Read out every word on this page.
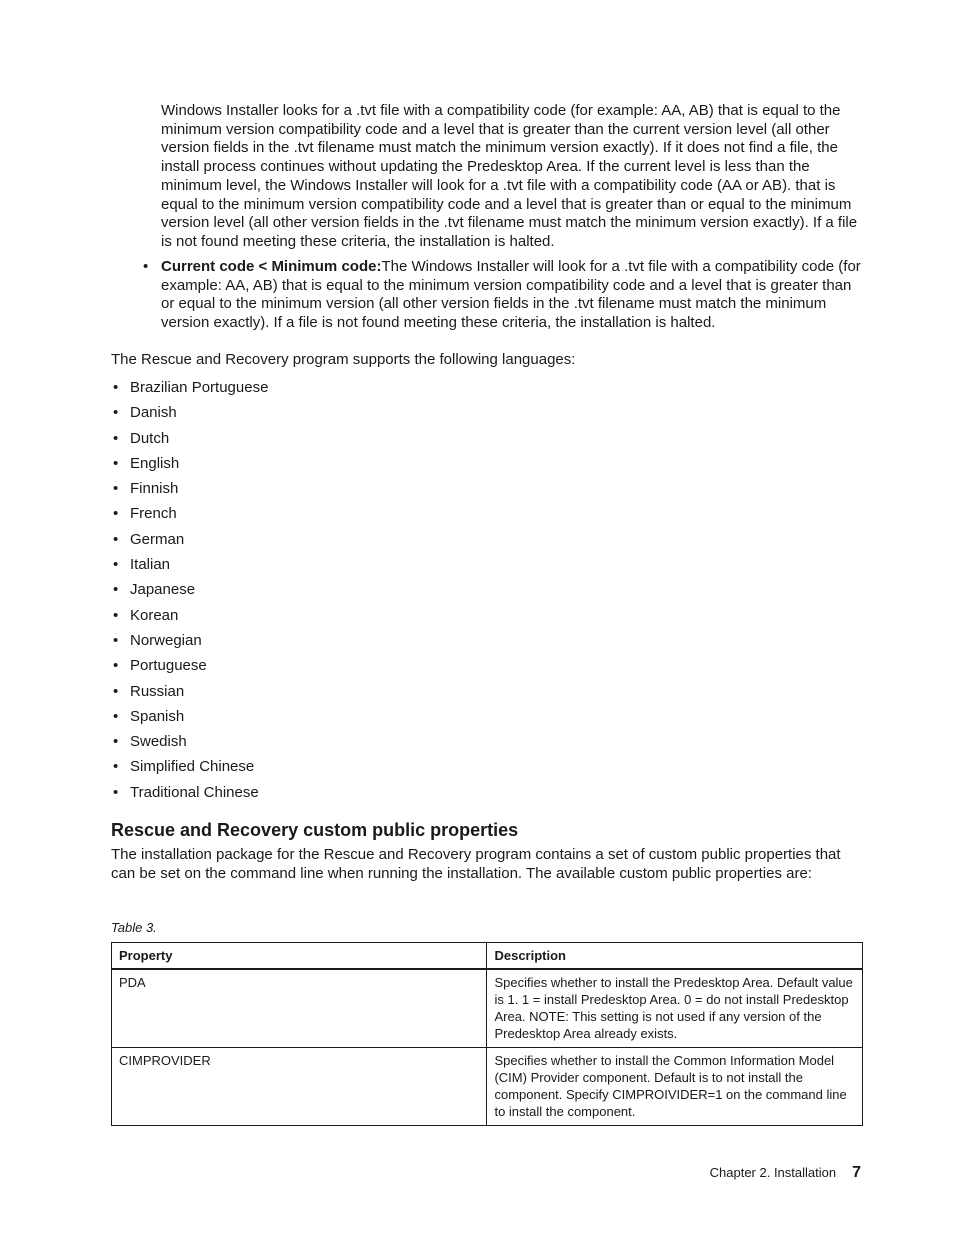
Windows Installer looks for a .tvt file with a compatibility code (for example: AA, AB) that is equal to the minimum version compatibility code and a level that is greater than the current version level (all other version fields in the .tvt filename must match the minimum version exactly). If it does not find a file, the install process continues without updating the Predesktop Area. If the current level is less than the minimum level, the Windows Installer will look for a .tvt file with a compatibility code (AA or AB). that is equal to the minimum version compatibility code and a level that is greater than or equal to the minimum version level (all other version fields in the .tvt filename must match the minimum version exactly). If a file is not found meeting these criteria, the installation is halted.

• Current code < Minimum code:The Windows Installer will look for a .tvt file with a compatibility code (for example: AA, AB) that is equal to the minimum version compatibility code and a level that is greater than or equal to the minimum version (all other version fields in the .tvt filename must match the minimum version exactly). If a file is not found meeting these criteria, the installation is halted.

The Rescue and Recovery program supports the following languages:

• Brazilian Portuguese
• Danish
• Dutch
• English
• Finnish
• French
• German
• Italian
• Japanese
• Korean
• Norwegian
• Portuguese
• Russian
• Spanish
• Swedish
• Simplified Chinese
• Traditional Chinese
Rescue and Recovery custom public properties

The installation package for the Rescue and Recovery program contains a set of custom public properties that can be set on the command line when running the installation. The available custom public properties are:

Table 3.

Property	Description
PDA	Specifies whether to install the Predesktop Area. Default value is 1. 1 = install Predesktop Area. 0 = do not install Predesktop Area. NOTE: This setting is not used if any version of the Predesktop Area already exists.
CIMPROVIDER	Specifies whether to install the Common Information Model (CIM) Provider component. Default is to not install the component. Specify CIMPROIVIDER=1 on the command line to install the component.
Chapter 2. Installation 7
